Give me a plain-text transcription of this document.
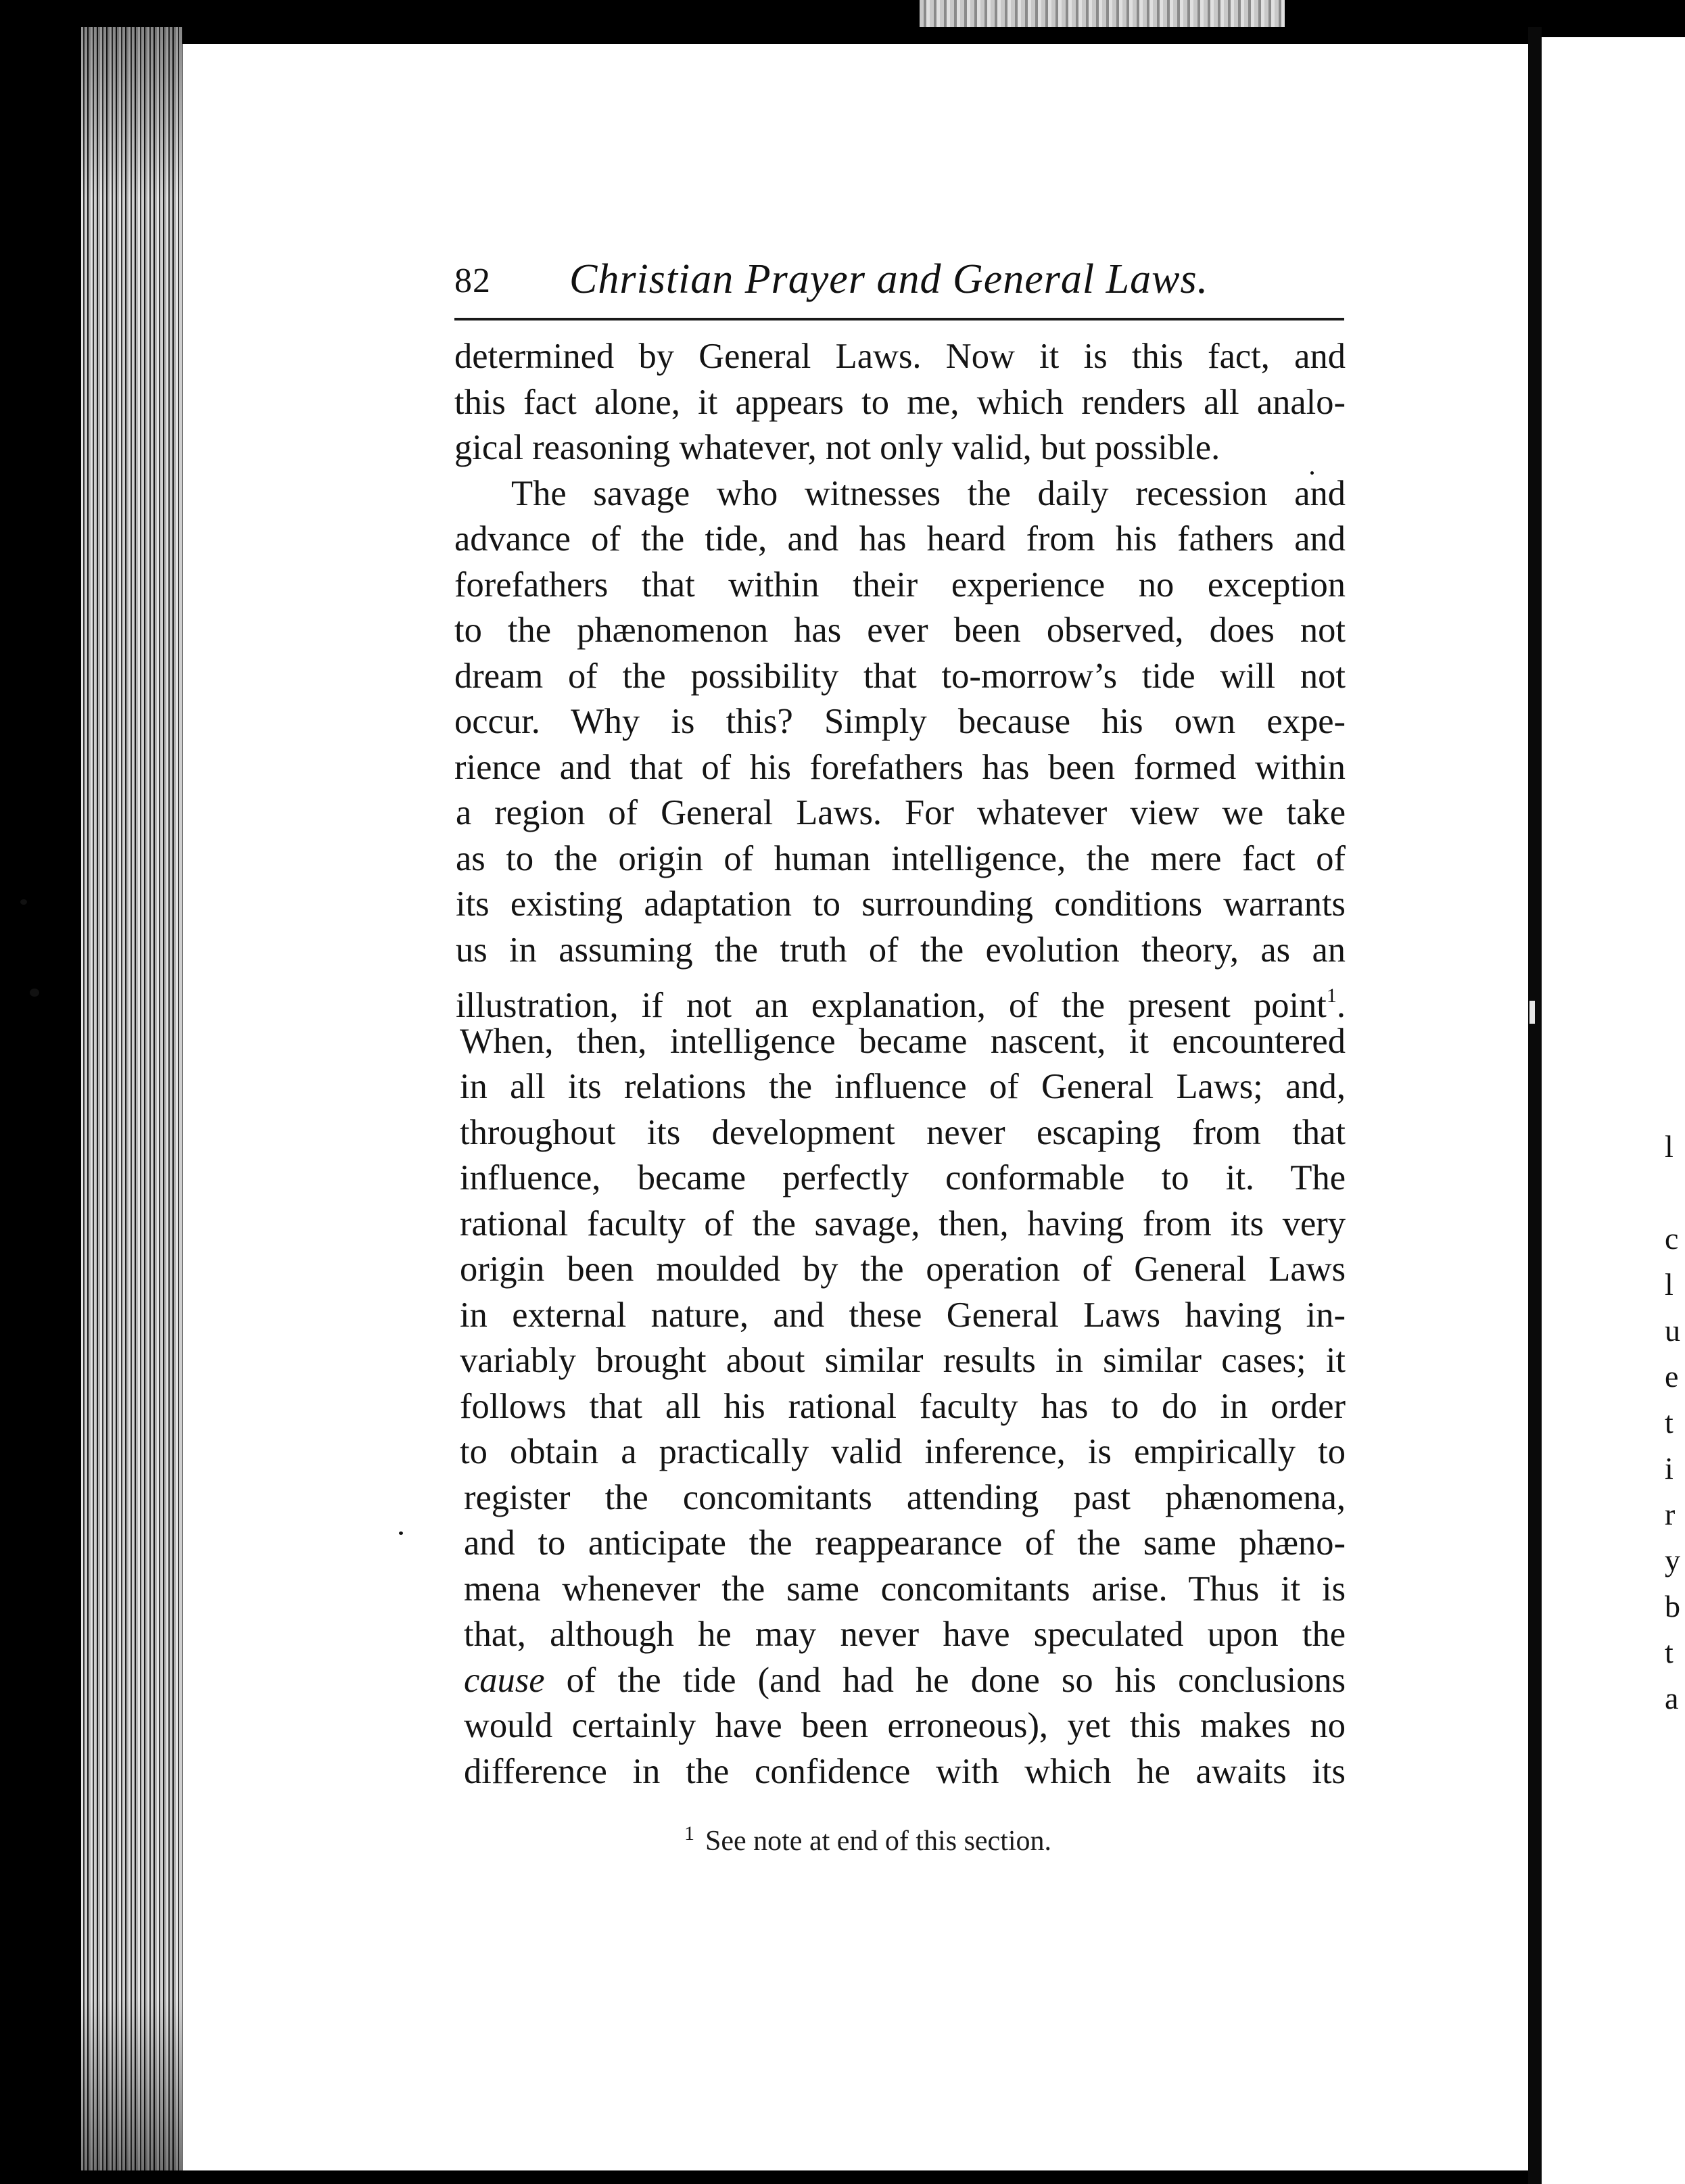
l
c
l
u
e
t
i
r
y
b
t
a
82 Christian Prayer and General Laws.
determined by General Laws. Now it is this fact, and
this fact alone, it appears to me, which renders all analo-
gical reasoning whatever, not only valid, but possible.
The savage who witnesses the daily recession and
advance of the tide, and has heard from his fathers and
forefathers that within their experience no exception
to the phænomenon has ever been observed, does not
dream of the possibility that to-morrow’s tide will not
occur. Why is this? Simply because his own expe-
rience and that of his forefathers has been formed within
a region of General Laws. For whatever view we take
as to the origin of human intelligence, the mere fact of
its existing adaptation to surrounding conditions warrants
us in assuming the truth of the evolution theory, as an
illustration, if not an explanation, of the present point$^1$.
When, then, intelligence became nascent, it encountered
in all its relations the influence of General Laws; and,
throughout its development never escaping from that
influence, became perfectly conformable to it. The
rational faculty of the savage, then, having from its very
origin been moulded by the operation of General Laws
in external nature, and these General Laws having in-
variably brought about similar results in similar cases; it
follows that all his rational faculty has to do in order
to obtain a practically valid inference, is empirically to
register the concomitants attending past phænomena,
and to anticipate the reappearance of the same phæno-
mena whenever the same concomitants arise. Thus it is
that, although he may never have speculated upon the
cause of the tide (and had he done so his conclusions
would certainly have been erroneous), yet this makes no
difference in the confidence with which he awaits its
$^1$ See note at end of this section.
